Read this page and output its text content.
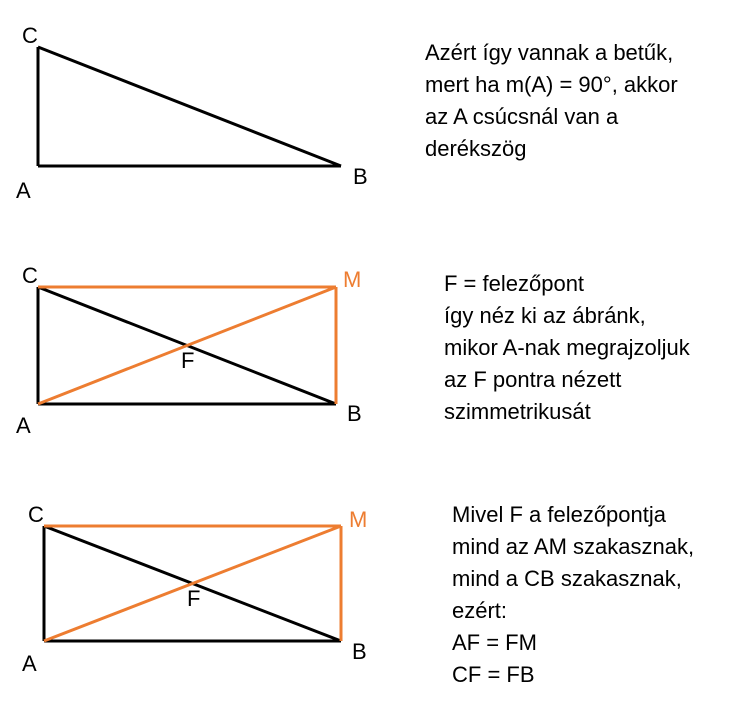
C
A
B
C	M
F
A	B
C	M
F
A	B
Azért így vannak a betűk,
mert ha m(A) = 90°, akkor
az A csúcsnál van a
derékszög
F = felezőpont
így néz ki az ábránk,
mikor A-nak megrajzoljuk
az F pontra nézett
szimmetrikusát
Mivel F a felezőpontja
mind az AM szakasznak,
mind a CB szakasznak,
ezért:
AF = FM
CF = FB
